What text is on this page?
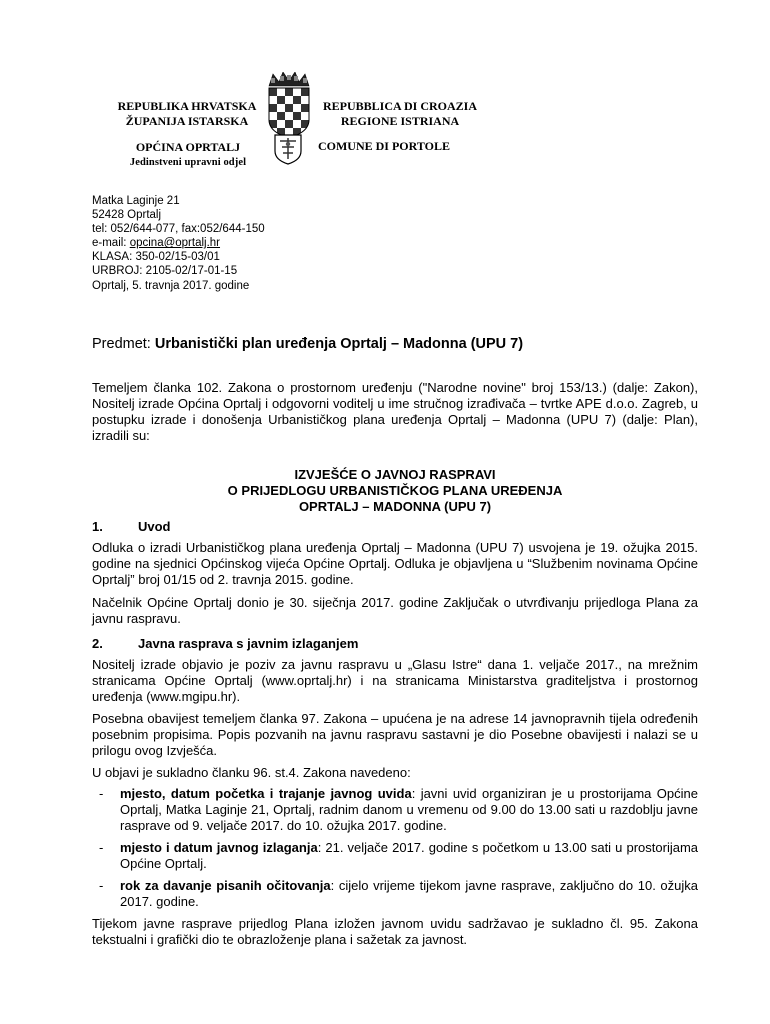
REPUBLIKA HRVATSKA
ŽUPANIJA ISTARSKA
REPUBBLICA DI CROAZIA
REGIONE ISTRIANA
OPĆINA OPRTALJ
Jedinstveni upravni odjel
COMUNE DI PORTOLE
Matka Laginje 21
52428 Oprtalj
tel: 052/644-077, fax:052/644-150
e-mail: opcina@oprtalj.hr
KLASA: 350-02/15-03/01
URBROJ: 2105-02/17-01-15
Oprtalj, 5. travnja 2017. godine
Predmet: Urbanistički plan uređenja Oprtalj – Madonna (UPU 7)
Temeljem članka 102. Zakona o prostornom uređenju ("Narodne novine" broj 153/13.) (dalje: Zakon), Nositelj izrade Općina Oprtalj i odgovorni voditelj u ime stručnog izrađivača – tvrtke APE d.o.o. Zagreb, u postupku izrade i donošenja Urbanističkog plana uređenja Oprtalj – Madonna (UPU 7) (dalje: Plan), izradili su:
IZVJEŠĆE O JAVNOJ RASPRAVI
O PRIJEDLOGU URBANISTIČKOG PLANA UREĐENJA
OPRTALJ – MADONNA (UPU 7)
1.	Uvod
Odluka o izradi Urbanističkog plana uređenja Oprtalj – Madonna (UPU 7) usvojena je 19. ožujka 2015. godine na sjednici Općinskog vijeća Općine Oprtalj. Odluka je objavljena u “Službenim novinama Općine Oprtalj” broj 01/15 od 2. travnja 2015. godine.
Načelnik Općine Oprtalj donio je 30. siječnja 2017. godine Zaključak o utvrđivanju prijedloga Plana za javnu raspravu.
2.	Javna rasprava s javnim izlaganjem
Nositelj izrade objavio je poziv za javnu raspravu u „Glasu Istre“ dana 1. veljače 2017., na mrežnim stranicama Općine Oprtalj (www.oprtalj.hr) i na stranicama Ministarstva graditeljstva i prostornog uređenja (www.mgipu.hr).
Posebna obavijest temeljem članka 97. Zakona – upućena je na adrese 14 javnopravnih tijela određenih posebnim propisima. Popis pozvanih na javnu raspravu sastavni je dio Posebne obavijesti i nalazi se u prilogu ovog Izvješća.
U objavi je sukladno članku 96. st.4. Zakona navedeno:
- mjesto, datum početka i trajanje javnog uvida: javni uvid organiziran je u prostorijama Općine Oprtalj, Matka Laginje 21, Oprtalj, radnim danom u vremenu od 9.00 do 13.00 sati u razdoblju javne rasprave od 9. veljače 2017. do 10. ožujka 2017. godine.
- mjesto i datum javnog izlaganja: 21. veljače 2017. godine s početkom u 13.00 sati u prostorijama Općine Oprtalj.
- rok za davanje pisanih očitovanja: cijelo vrijeme tijekom javne rasprave, zaključno do 10. ožujka 2017. godine.
Tijekom javne rasprave prijedlog Plana izložen javnom uvidu sadržavao je sukladno čl. 95. Zakona tekstualni i grafički dio te obrazloženje plana i sažetak za javnost.
